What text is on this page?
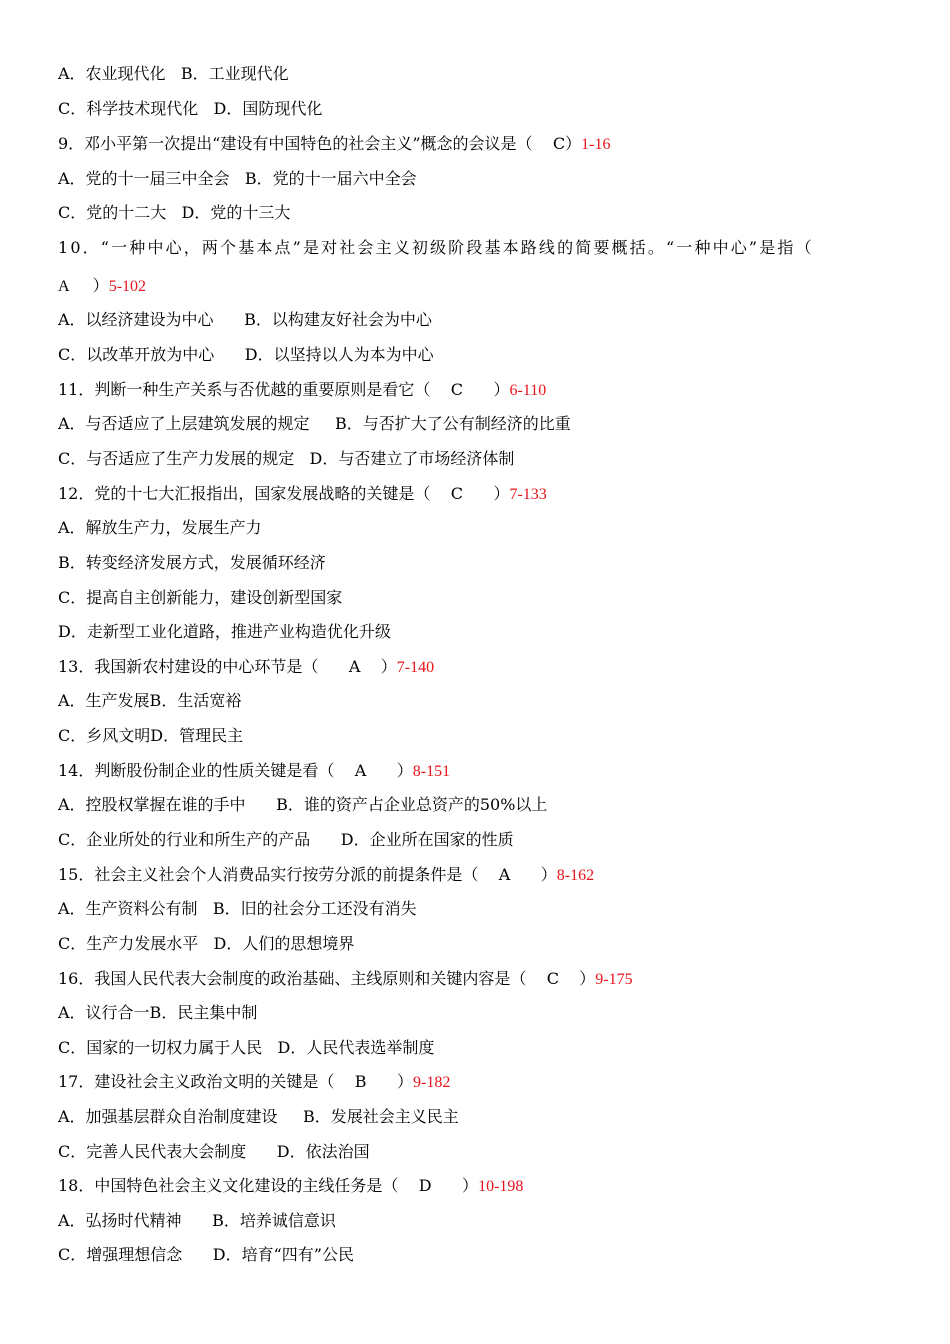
A．农业现代化   B．工业现代化
C．科学技术现代化   D．国防现代化
9．邓小平第一次提出“建设有中国特色的社会主义”概念的会议是（    C）1-16
A．党的十一届三中全会   B．党的十一届六中全会
C．党的十二大   D．党的十三大
10．“一种中心，两个基本点”是对社会主义初级阶段基本路线的简要概括。“一种中心”是指（
A      ）5-102
A．以经济建设为中心      B．以构建友好社会为中心
C．以改革开放为中心      D．以坚持以人为本为中心
11．判断一种生产关系与否优越的重要原则是看它（    C      ）6-110
A．与否适应了上层建筑发展的规定     B．与否扩大了公有制经济的比重
C．与否适应了生产力发展的规定   D．与否建立了市场经济体制
12．党的十七大汇报指出，国家发展战略的关键是（    C      ）7-133
A．解放生产力，发展生产力
B．转变经济发展方式，发展循环经济
C．提高自主创新能力，建设创新型国家
D．走新型工业化道路，推进产业构造优化升级
13．我国新农村建设的中心环节是（      A    ）7-140
A．生产发展B．生活宽裕
C．乡风文明D．管理民主
14．判断股份制企业的性质关键是看（    A      ）8-151
A．控股权掌握在谁的手中      B．谁的资产占企业总资产的50%以上
C．企业所处的行业和所生产的产品      D．企业所在国家的性质
15．社会主义社会个人消费品实行按劳分派的前提条件是（    A      ）8-162
A．生产资料公有制   B．旧的社会分工还没有消失
C．生产力发展水平   D．人们的思想境界
16．我国人民代表大会制度的政治基础、主线原则和关键内容是（    C    ）9-175
A．议行合一B．民主集中制
C．国家的一切权力属于人民   D．人民代表选举制度
17．建设社会主义政治文明的关键是（    B      ）9-182
A．加强基层群众自治制度建设     B．发展社会主义民主
C．完善人民代表大会制度      D．依法治国
18．中国特色社会主义文化建设的主线任务是（    D      ）10-198
A．弘扬时代精神      B．培养诚信意识
C．增强理想信念      D．培育“四有”公民
